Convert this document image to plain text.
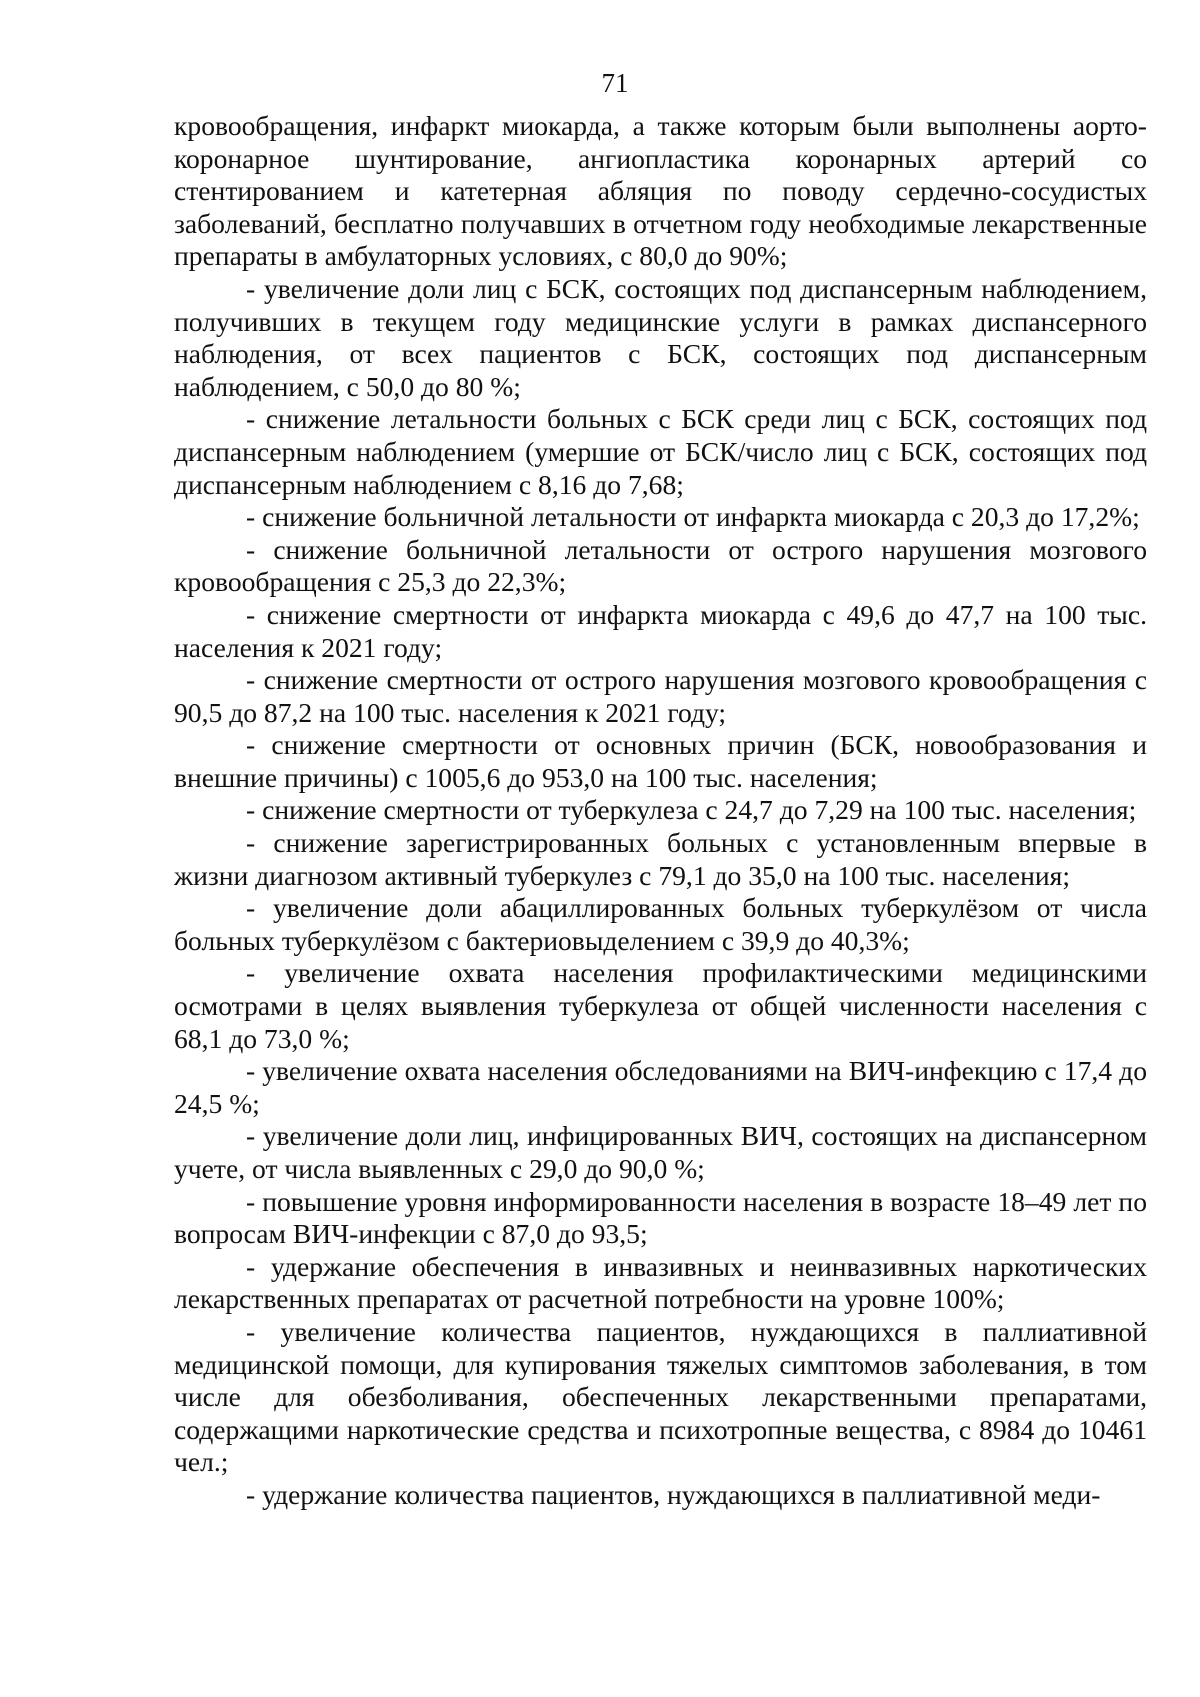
71

кровообращения, инфаркт миокарда, а также которым были выполнены аорто-коронарное шунтирование, ангиопластика коронарных артерий со стентированием и катетерная абляция по поводу сердечно-сосудистых заболеваний, бесплатно получавших в отчетном году необходимые лекарственные препараты в амбулаторных условиях, с 80,0 до 90%;

- увеличение доли лиц с БСК, состоящих под диспансерным наблюдением, получивших в текущем году медицинские услуги в рамках диспансерного наблюдения, от всех пациентов с БСК, состоящих под диспансерным наблюдением, с 50,0 до 80 %;

- снижение летальности больных с БСК среди лиц с БСК, состоящих под диспансерным наблюдением (умершие от БСК/число лиц с БСК, состоящих под диспансерным наблюдением с 8,16 до 7,68;

- снижение больничной летальности от инфаркта миокарда с 20,3 до 17,2%;

- снижение больничной летальности от острого нарушения мозгового кровообращения с 25,3 до 22,3%;

- снижение смертности от инфаркта миокарда с 49,6 до 47,7 на 100 тыс. населения к 2021 году;

- снижение смертности от острого нарушения мозгового кровообращения с 90,5 до 87,2 на 100 тыс. населения к 2021 году;

- снижение смертности от основных причин (БСК, новообразования и внешние причины) с 1005,6 до 953,0 на 100 тыс. населения;

- снижение смертности от туберкулеза с 24,7 до 7,29 на 100 тыс. населения;

- снижение зарегистрированных больных с установленным впервые в жизни диагнозом активный туберкулез с 79,1 до 35,0 на 100 тыс. населения;

- увеличение доли абациллированных больных туберкулёзом от числа больных туберкулёзом с бактериовыделением с 39,9 до 40,3%;

- увеличение охвата населения профилактическими медицинскими осмотрами в целях выявления туберкулеза от общей численности населения с 68,1 до 73,0 %;

- увеличение охвата населения обследованиями на ВИЧ-инфекцию с 17,4 до 24,5 %;

- увеличение доли лиц, инфицированных ВИЧ, состоящих на диспансерном учете, от числа выявленных с 29,0 до 90,0 %;

- повышение уровня информированности населения в возрасте 18–49 лет по вопросам ВИЧ-инфекции с 87,0 до 93,5;

- удержание обеспечения в инвазивных и неинвазивных наркотических лекарственных препаратах от расчетной потребности на уровне 100%;

- увеличение количества пациентов, нуждающихся в паллиативной медицинской помощи, для купирования тяжелых симптомов заболевания, в том числе для обезболивания, обеспеченных лекарственными препаратами, содержащими наркотические средства и психотропные вещества, с 8984 до 10461 чел.;

- удержание количества пациентов, нуждающихся в паллиативной меди-
